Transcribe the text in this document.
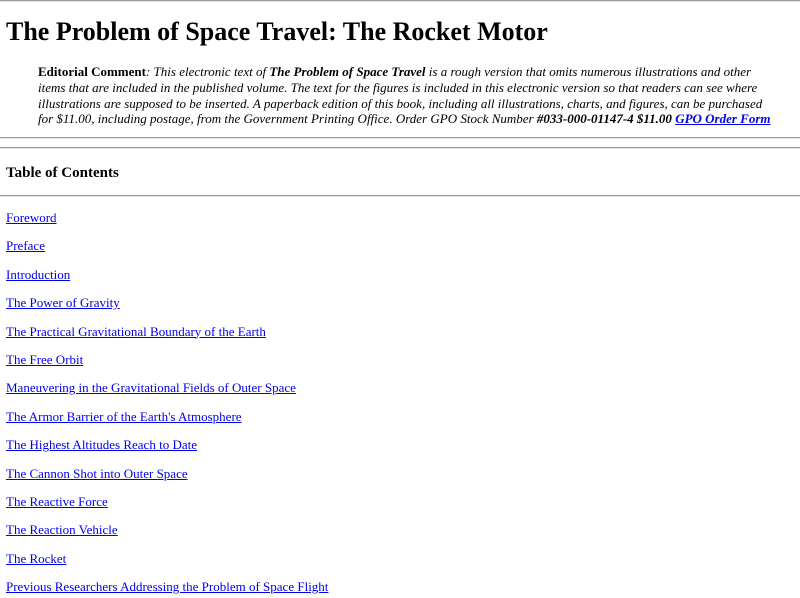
The Problem of Space Travel: The Rocket Motor
Editorial Comment: This electronic text of The Problem of Space Travel is a rough version that omits numerous illustrations and other items that are included in the published volume. The text for the figures is included in this electronic version so that readers can see where illustrations are supposed to be inserted. A paperback edition of this book, including all illustrations, charts, and figures, can be purchased for $11.00, including postage, from the Government Printing Office. Order GPO Stock Number #033-000-01147-4 $11.00 GPO Order Form
Table of Contents
Foreword
Preface
Introduction
The Power of Gravity
The Practical Gravitational Boundary of the Earth
The Free Orbit
Maneuvering in the Gravitational Fields of Outer Space
The Armor Barrier of the Earth's Atmosphere
The Highest Altitudes Reach to Date
The Cannon Shot into Outer Space
The Reactive Force
The Reaction Vehicle
The Rocket
Previous Researchers Addressing the Problem of Space Flight
